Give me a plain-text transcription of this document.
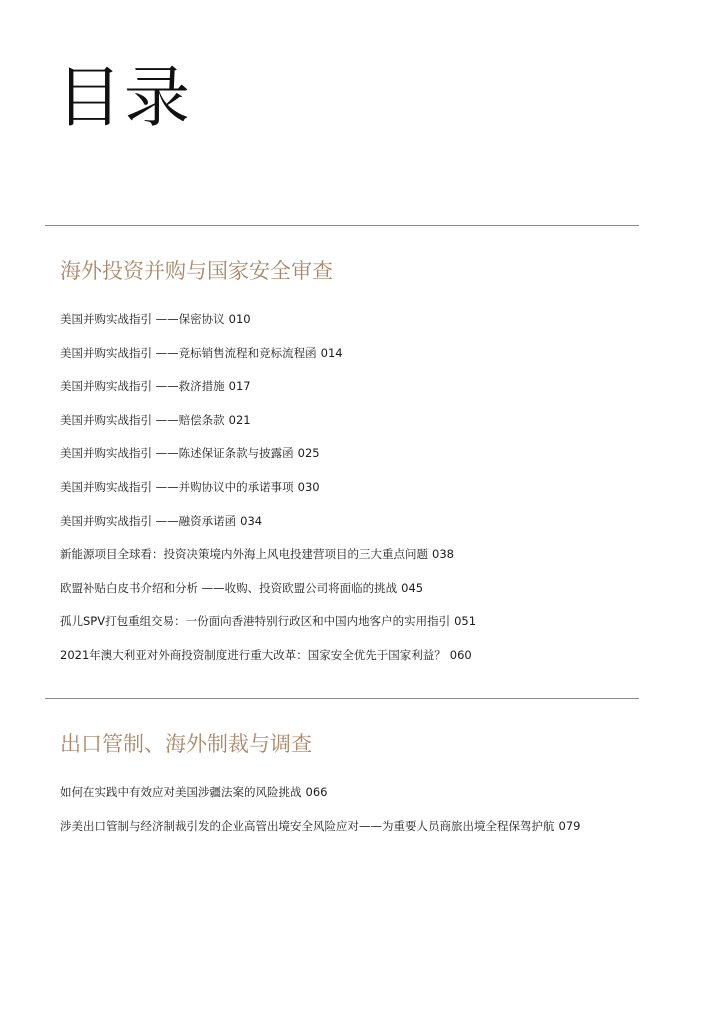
目录
海外投资并购与国家安全审查
美国并购实战指引 ——保密协议 010
美国并购实战指引 ——竞标销售流程和竞标流程函 014
美国并购实战指引 ——救济措施 017
美国并购实战指引 ——赔偿条款 021
美国并购实战指引 ——陈述保证条款与披露函 025
美国并购实战指引 ——并购协议中的承诺事项 030
美国并购实战指引 ——融资承诺函 034
新能源项目全球看：投资决策境内外海上风电投建营项目的三大重点问题 038
欧盟补贴白皮书介绍和分析 ——收购、投资欧盟公司将面临的挑战 045
孤儿SPV打包重组交易：一份面向香港特别行政区和中国内地客户的实用指引 051
2021年澳大利亚对外商投资制度进行重大改革：国家安全优先于国家利益？ 060
出口管制、海外制裁与调查
如何在实践中有效应对美国涉疆法案的风险挑战 066
涉美出口管制与经济制裁引发的企业高管出境安全风险应对——为重要人员商旅出境全程保驾护航 079
